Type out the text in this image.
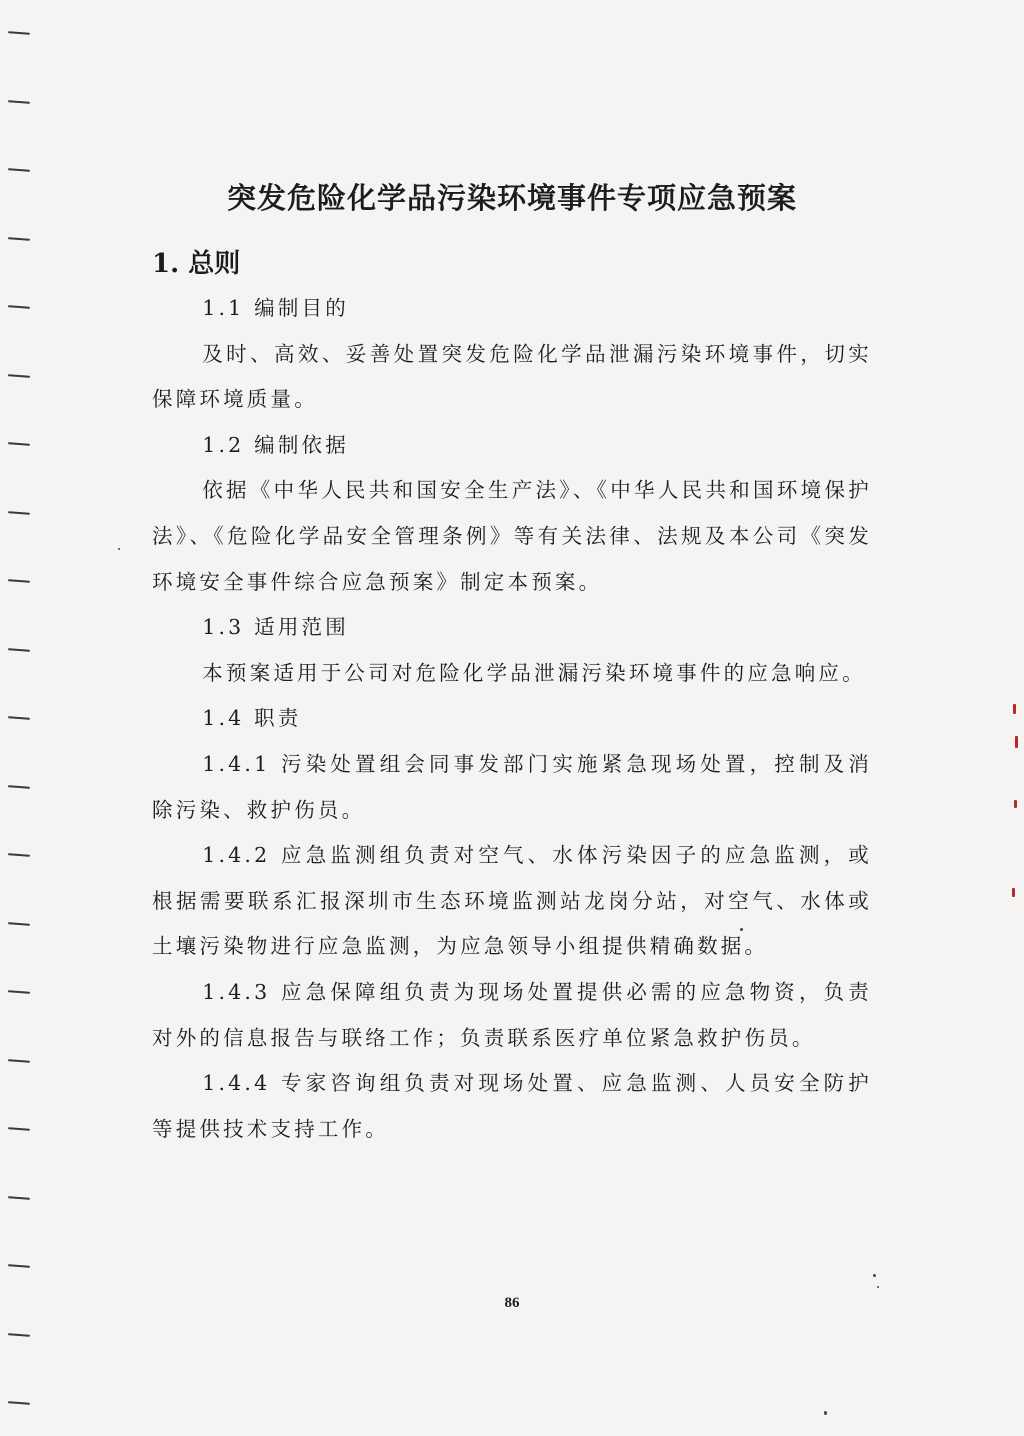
突发危险化学品污染环境事件专项应急预案
1. 总则

1.1 编制目的

及时、高效、妥善处置突发危险化学品泄漏污染环境事件，切实保障环境质量。

1.2 编制依据

依据《中华人民共和国安全生产法》、《中华人民共和国环境保护法》、《危险化学品安全管理条例》等有关法律、法规及本公司《突发环境安全事件综合应急预案》制定本预案。

1.3 适用范围

本预案适用于公司对危险化学品泄漏污染环境事件的应急响应。

1.4 职责

1.4.1 污染处置组会同事发部门实施紧急现场处置，控制及消除污染、救护伤员。

1.4.2 应急监测组负责对空气、水体污染因子的应急监测，或根据需要联系汇报深圳市生态环境监测站龙岗分站，对空气、水体或土壤污染物进行应急监测，为应急领导小组提供精确数据。

1.4.3 应急保障组负责为现场处置提供必需的应急物资，负责对外的信息报告与联络工作；负责联系医疗单位紧急救护伤员。

1.4.4 专家咨询组负责对现场处置、应急监测、人员安全防护等提供技术支持工作。

86
